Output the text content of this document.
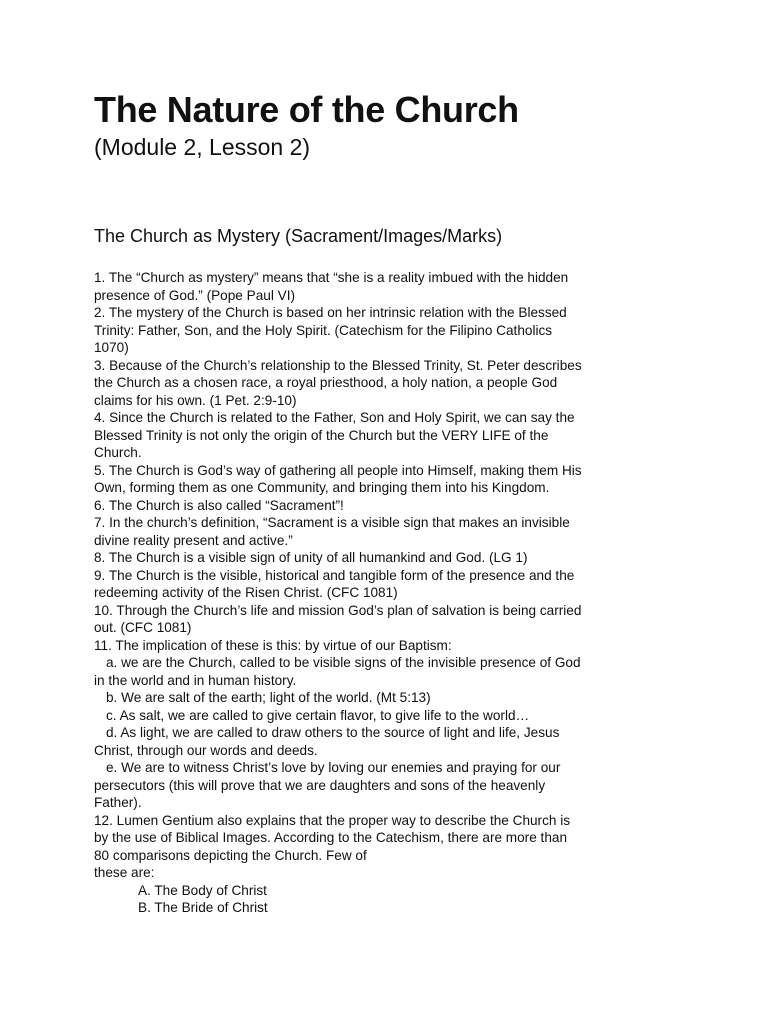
The Nature of the Church
(Module 2, Lesson 2)
The Church as Mystery (Sacrament/Images/Marks)
1. The “Church as mystery” means that “she is a reality imbued with the hidden
presence of God.” (Pope Paul VI)
2. The mystery of the Church is based on her intrinsic relation with the Blessed
Trinity: Father, Son, and the Holy Spirit. (Catechism for the Filipino Catholics
1070)
3. Because of the Church’s relationship to the Blessed Trinity, St. Peter describes
the Church as a chosen race, a royal priesthood, a holy nation, a people God
claims for his own. (1 Pet. 2:9-10)
4. Since the Church is related to the Father, Son and Holy Spirit, we can say the
Blessed Trinity is not only the origin of the Church but the VERY LIFE of the
Church.
5. The Church is God’s way of gathering all people into Himself, making them His
Own, forming them as one Community, and bringing them into his Kingdom.
6. The Church is also called “Sacrament”!
7. In the church’s definition, “Sacrament is a visible sign that makes an invisible
divine reality present and active.”
8. The Church is a visible sign of unity of all humankind and God. (LG 1)
9. The Church is the visible, historical and tangible form of the presence and the
redeeming activity of the Risen Christ. (CFC 1081)
10. Through the Church’s life and mission God’s plan of salvation is being carried
out. (CFC 1081)
11. The implication of these is this: by virtue of our Baptism:
a. we are the Church, called to be visible signs of the invisible presence of God
in the world and in human history.
b. We are salt of the earth; light of the world. (Mt 5:13)
c. As salt, we are called to give certain flavor, to give life to the world…
d. As light, we are called to draw others to the source of light and life, Jesus
Christ, through our words and deeds.
e. We are to witness Christ’s love by loving our enemies and praying for our
persecutors (this will prove that we are daughters and sons of the heavenly
Father).
12. Lumen Gentium also explains that the proper way to describe the Church is
by the use of Biblical Images. According to the Catechism, there are more than
80 comparisons depicting the Church. Few of
these are:
A. The Body of Christ
B. The Bride of Christ
